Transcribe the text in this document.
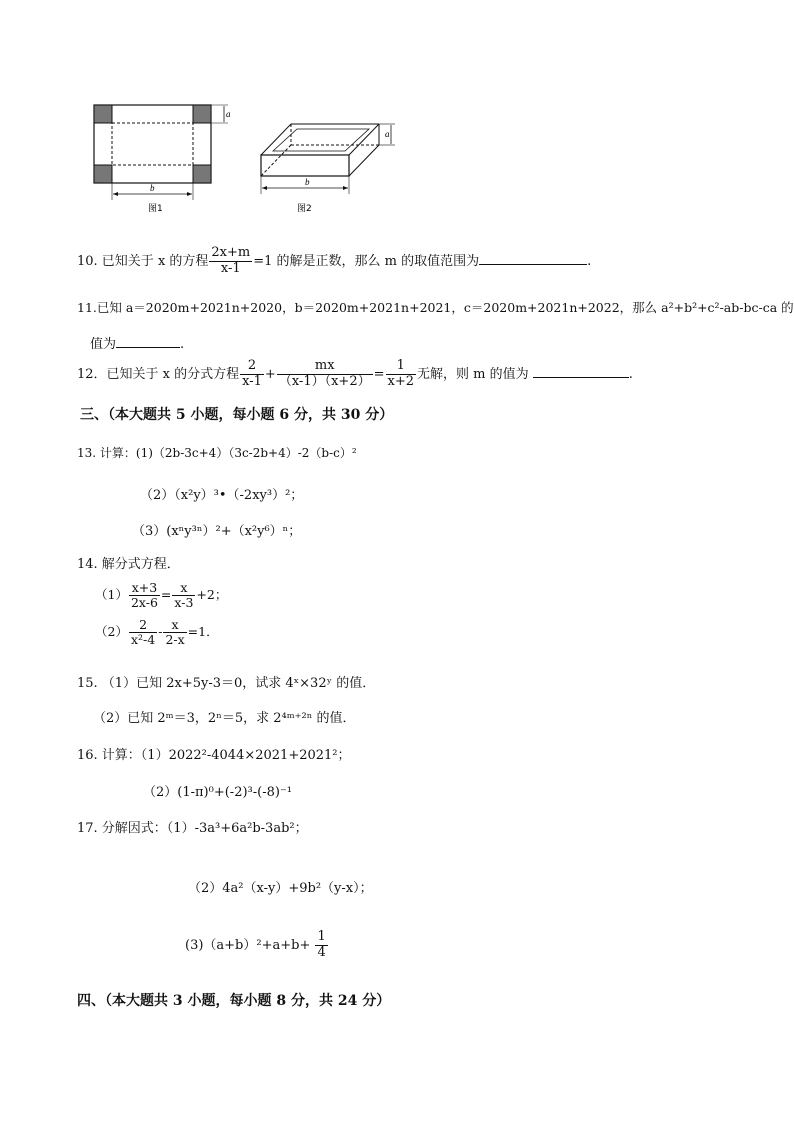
a
b
图1
a
b
图2
10. 已知关于 x 的方程 $\frac{2x+m}{x-1} =1$ 的解是正数，那么 m 的取值范围为	.
11.已知 a＝2020m+2021n+2020，b＝2020m+2021n+2021，c＝2020m+2021n+2022，那么 a²+b²+c²-ab-bc-ca 的
值为	.
12．已知关于 x 的分式方程 $\frac{2}{x-1} + \frac{mx}{(x-1)(x+2)} = \frac{1}{x+2}$ 无解，则 m 的值为	.
三、（本大题共 5 小题，每小题 6 分，共 30 分）
13. 计算：(1)（2b-3c+4）（3c-2b+4）-2（b-c）²
（2）（x²y）³•（-2xy³）²；
（3）(xⁿy³ⁿ）²+（x²y⁶）ⁿ；
14. 解分式方程．
$(1) \frac{x+3}{2x-6} = \frac{x}{x-3} +2$；
$(2) \frac{2}{\text{x²-4}} - \frac{x}{2-x} =1$．
15. （1）已知 2x+5y-3＝0，试求 4ˣ×32ʸ 的值．
（2）已知 2ᵐ＝3，2ⁿ＝5，求 2⁴ᵐ⁺²ⁿ 的值．
16. 计算：（1）2022²-4044×2021+2021²；
（2）(1-π)⁰+(-2)³-(-8)⁻¹
17. 分解因式：（1）-3a³+6a²b-3ab²；
（2）4a²（x-y）+9b²（y-x）；
$(3)(a+b)^2+a+b+ \frac{1}{4}$
四、（本大题共 3 小题，每小题 8 分，共 24 分）
